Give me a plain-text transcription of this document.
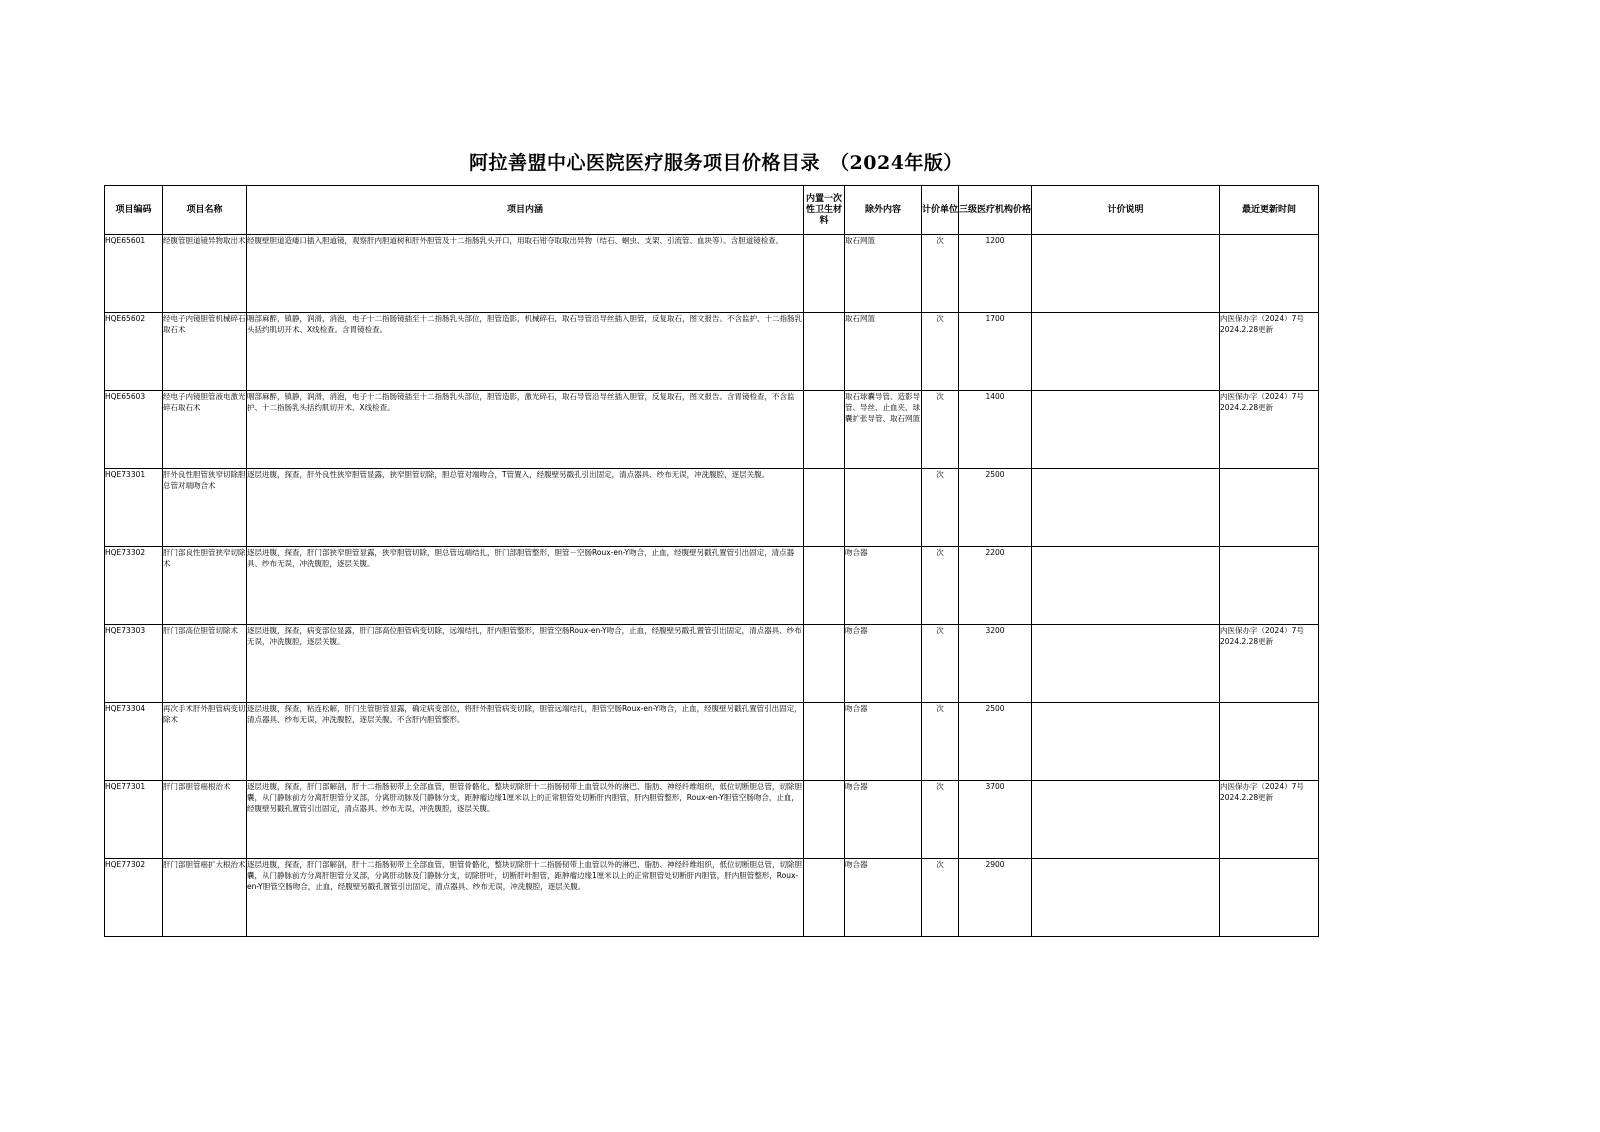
阿拉善盟中心医院医疗服务项目价格目录　（2024年版）
项目编码	项目名称	项目内涵	内置一次性卫生材料	除外内容	计价单位	三级医疗机构价格	计价说明	最近更新时间
HQE65601	经腹管胆道镜异物取出术	经腹壁胆道造瘘口插入胆道镜，观察肝内胆道树和肝外胆管及十二指肠乳头开口，用取石钳夺取取出异物（结石、蛔虫、支架、引流管、血块等）。含胆道镜检查。		取石网篮	次	1200		
HQE65602	经电子内镜胆管机械碎石取石术	咽部麻醉，镇静，润滑，消泡，电子十二指肠镜插至十二指肠乳头部位，胆管造影，机械碎石，取石导管沿导丝插入胆管，反复取石，图文报告。不含监护、十二指肠乳头括约肌切开术、X线检查。含胃镜检查。		取石网篮	次	1700		内医保办字（2024）7号 2024.2.28更新
HQE65603	经电子内镜胆管液电激光碎石取石术	咽部麻醉，镇静，润滑，消泡，电子十二指肠镜插至十二指肠乳头部位，胆管造影，激光碎石，取石导管沿导丝插入胆管，反复取石，图文报告。含胃镜检查，不含监护、十二指肠乳头括约肌切开术、X线检查。		取石球囊导管、造影导管、导丝、止血夹、球囊扩张导管、取石网篮	次	1400		内医保办字（2024）7号 2024.2.28更新
HQE73301	肝外良性胆管狭窄切除胆总管对端吻合术	逐层进腹，探查，肝外良性狭窄胆管显露，狭窄胆管切除，胆总管对端吻合，T管置入，经腹壁另戳孔引出固定，清点器具、纱布无误，冲洗腹腔，逐层关腹。			次	2500		
HQE73302	肝门部良性胆管狭窄切除术	逐层进腹，探查，肝门部狭窄胆管显露，狭窄胆管切除，胆总管远端结扎，肝门部胆管整形，胆管－空肠Roux-en-Y吻合，止血，经腹壁另戳孔置管引出固定，清点器具、纱布无误，冲洗腹腔，逐层关腹。		吻合器	次	2200		
HQE73303	肝门部高位胆管切除术	逐层进腹，探查，病变部位显露，肝门部高位胆管病变切除，远端结扎，肝内胆管整形，胆管空肠Roux-en-Y吻合，止血，经腹壁另戳孔置管引出固定，清点器具、纱布无误，冲洗腹腔，逐层关腹。		吻合器	次	3200		内医保办字（2024）7号 2024.2.28更新
HQE73304	再次手术肝外胆管病变切除术	逐层进腹，探查，粘连松解，肝门生管胆管显露，确定病变部位，将肝外胆管病变切除，胆管远端结扎，胆管空肠Roux-en-Y吻合，止血，经腹壁另戳孔置管引出固定，清点器具、纱布无误，冲洗腹腔，逐层关腹。不含肝内胆管整形。		吻合器	次	2500		
HQE77301	肝门部胆管癌根治术	逐层进腹，探查，肝门部解剖，肝十二指肠韧带上全部血管，胆管骨骼化，整块切除肝十二指肠韧带上血管以外的淋巴、脂肪、神经纤维组织，低位切断胆总管，切除胆囊，从门静脉前方分离肝胆管分叉部，分离肝动脉及门静脉分支，距肿瘤边缘1厘米以上的正常胆管处切断肝内胆管，肝内胆管整形，Roux-en-Y胆管空肠吻合，止血，经腹壁另戳孔置管引出固定，清点器具、纱布无误，冲洗腹腔，逐层关腹。		吻合器	次	3700		内医保办字（2024）7号 2024.2.28更新
HQE77302	肝门部胆管癌扩大根治术	逐层进腹，探查，肝门部解剖，肝十二指肠韧带上全部血管，胆管骨骼化，整块切除肝十二指肠韧带上血管以外的淋巴、脂肪、神经纤维组织，低位切断胆总管，切除胆囊，从门静脉前方分离肝胆管分叉部，分离肝动脉及门静脉分支，切除肝叶，切断肝叶胆管，距肿瘤边缘1厘米以上的正常胆管处切断肝内胆管，肝内胆管整形，Roux-en-Y胆管空肠吻合，止血，经腹壁另戳孔置管引出固定，清点器具、纱布无误，冲洗腹腔，逐层关腹。		吻合器	次	2900		
